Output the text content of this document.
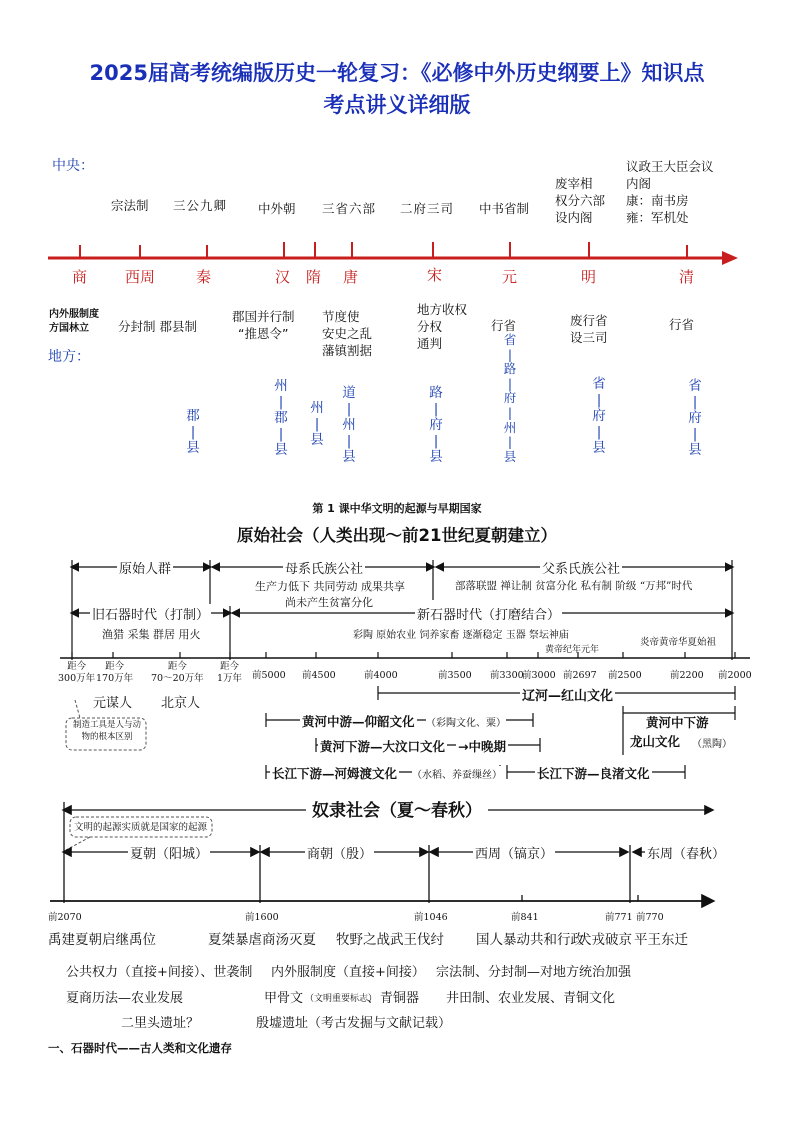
2025届高考统编版历史一轮复习：《必修中外历史纲要上》知识点
考点讲义详细版
中央：
宗法制 三公九卿 中外朝 三省六部 二府三司 中书省制
废宰相
权分六部
设内阁
议政王大臣会议
内阁
康：南书房
雍：军机处
商	西周	秦	汉 隋 唐	宋	元	明	清
内外服制度
方国林立 分封制 郡县制
郡国并行制
“推恩令”
节度使
安史之乱
藩镇割据
地方收权
分权
通判
行省	废行省
设三司
行省
地方：
郡
|
县
州
|
郡
|
县
州
|
县
道
|
州
|
县
路
|
府
|
县
省
|
路
|
府
|
州
|
县
省
|
府
|
县
省
|
府
|
县
第 1 课中华文明的起源与早期国家
原始社会（人类出现～前21世纪夏朝建立）
原始人群	母系氏族公社
生产力低下 共同劳动 成果共享
尚未产生贫富分化
父系氏族公社
部落联盟 禅让制 贫富分化 私有制 阶级 “万邦”时代
旧石器时代（打制）
渔猎 采集 群居 用火
新石器时代（打磨结合）
彩陶 原始农业 饲养家畜 逐渐稳定 玉器 祭坛神庙
炎帝黄帝华夏始祖
黄帝纪年元年
距今
300万年
距今
170万年
距今
70～20万年
距今
1万年 前5000 前4500	前4000	前3500 前3300
前3000 前2697 前2500	前2200 前2000
元谋人 北京人
制造工具是人与动物的根本区别
辽河—红山文化
黄河中游—仰韶文化 （彩陶文化、粟）	黄河中下游
龙山文化 （黑陶）
黄河下游—大汶口文化 →中晚期
长江下游—河姆渡文化 （水稻、养蚕缫丝）	长江下游—良渚文化
奴隶社会（夏～春秋）
文明的起源实质就是国家的起源
夏朝（阳城）	商朝（殷）	西周（镐京）	东周（春秋）
前2070	前1600	前1046	前841	前771 前770
禹建夏朝启继禹位	夏桀暴虐商汤灭夏 牧野之战武王伐纣 国人暴动共和行政
犬戎破京 平王东迁
公共权力（直接+间接）、世袭制 内外服制度（直接+间接） 宗法制、分封制—对地方统治加强
夏商历法—农业发展	甲骨文 （文明重要标志）
、青铜器 井田制、农业发展、青铜文化
二里头遗址？	殷墟遗址（考古发掘与文献记载）
一、石器时代——古人类和文化遗存
